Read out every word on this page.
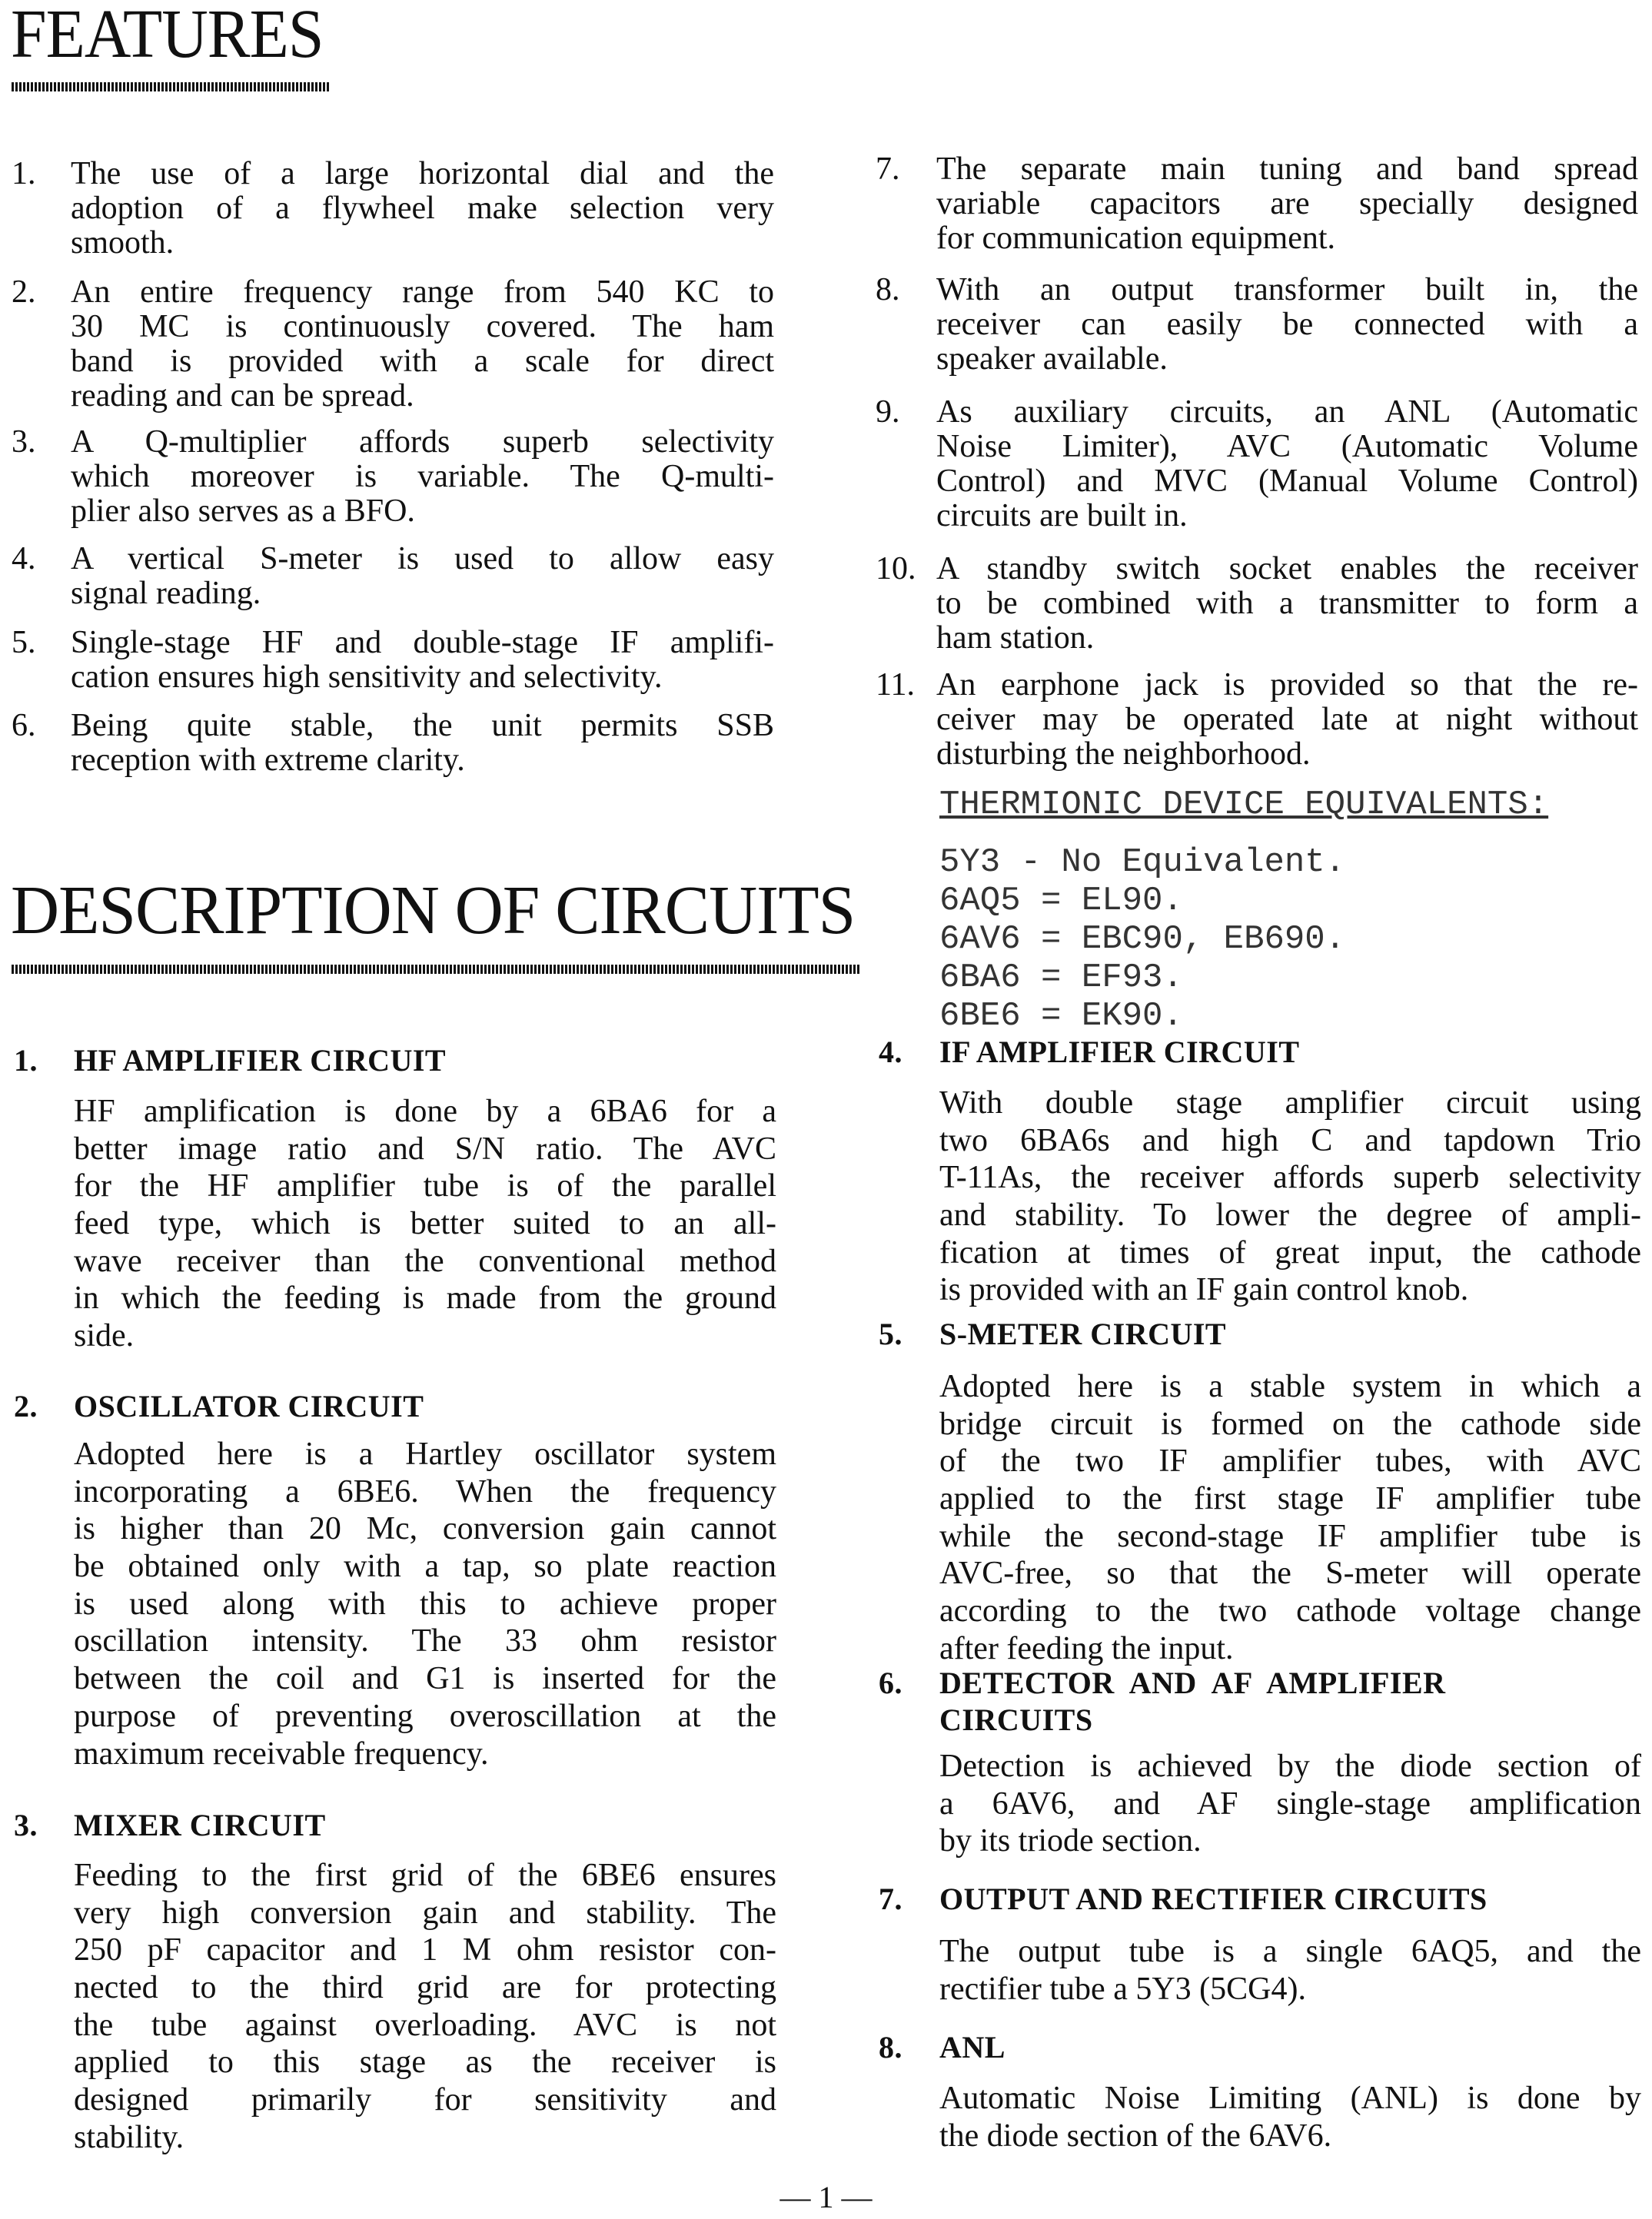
FEATURES
DESCRIPTION OF CIRCUITS
1. The use of a large horizontal dial and the
adoption of a flywheel make selection very
smooth.
2. An entire frequency range from 540 KC to
30 MC is continuously covered. The ham
band is provided with a scale for direct
reading and can be spread.
3. A Q-multiplier affords superb selectivity
which moreover is variable. The Q-multi-
plier also serves as a BFO.
4. A vertical S-meter is used to allow easy
signal reading.
5. Single-stage HF and double-stage IF amplifi-
cation ensures high sensitivity and selectivity.
6. Being quite stable, the unit permits SSB
reception with extreme clarity.
7. The separate main tuning and band spread
variable capacitors are specially designed
for communication equipment.
8. With an output transformer built in, the
receiver can easily be connected with a
speaker available.
9. As auxiliary circuits, an ANL (Automatic
Noise Limiter), AVC (Automatic Volume
Control) and MVC (Manual Volume Control)
circuits are built in.
10. A standby switch socket enables the receiver
to be combined with a transmitter to form a
ham station.
11. An earphone jack is provided so that the re-
ceiver may be operated late at night without
disturbing the neighborhood.
THERMIONIC DEVICE EQUIVALENTS:
5Y3 - No Equivalent.
6AQ5 = EL90.
6AV6 = EBC90, EB690.
6BA6 = EF93.
6BE6 = EK90.
1. HF AMPLIFIER CIRCUIT
HF amplification is done by a 6BA6 for a
better image ratio and S/N ratio. The AVC
for the HF amplifier tube is of the parallel
feed type, which is better suited to an all-
wave receiver than the conventional method
in which the feeding is made from the ground
side.
2. OSCILLATOR CIRCUIT
Adopted here is a Hartley oscillator system
incorporating a 6BE6. When the frequency
is higher than 20 Mc, conversion gain cannot
be obtained only with a tap, so plate reaction
is used along with this to achieve proper
oscillation intensity. The 33 ohm resistor
between the coil and G1 is inserted for the
purpose of preventing overoscillation at the
maximum receivable frequency.
3. MIXER CIRCUIT
Feeding to the first grid of the 6BE6 ensures
very high conversion gain and stability. The
250 pF capacitor and 1 M ohm resistor con-
nected to the third grid are for protecting
the tube against overloading. AVC is not
applied to this stage as the receiver is
designed primarily for sensitivity and
stability.
4. IF AMPLIFIER CIRCUIT
With double stage amplifier circuit using
two 6BA6s and high C and tapdown Trio
T-11As, the receiver affords superb selectivity
and stability. To lower the degree of ampli-
fication at times of great input, the cathode
is provided with an IF gain control knob.
5. S-METER CIRCUIT
Adopted here is a stable system in which a
bridge circuit is formed on the cathode side
of the two IF amplifier tubes, with AVC
applied to the first stage IF amplifier tube
while the second-stage IF amplifier tube is
AVC-free, so that the S-meter will operate
according to the two cathode voltage change
after feeding the input.
6. DETECTOR  AND  AF  AMPLIFIER
CIRCUITS
Detection is achieved by the diode section of
a 6AV6, and AF single-stage amplification
by its triode section.
7. OUTPUT AND RECTIFIER CIRCUITS
The output tube is a single 6AQ5, and the
rectifier tube a 5Y3 (5CG4).
8. ANL
Automatic Noise Limiting (ANL) is done by
the diode section of the 6AV6.
— 1 —
